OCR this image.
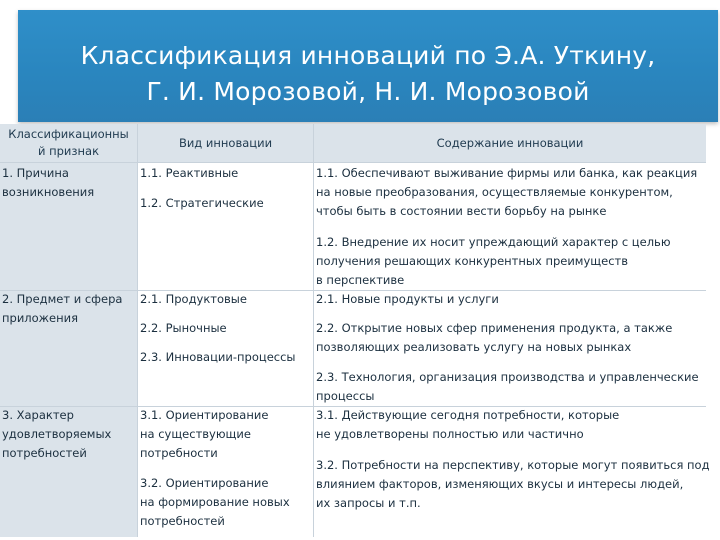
Классификация инноваций по Э.А. Уткину,
Г. И. Морозовой, Н. И. Морозовой
Классификационны
й признак
Вид инновации	Содержание инновации
1. Причина
возникновения
1.1. Реактивные
1.2. Стратегические
1.1. Обеспечивают выживание фирмы или банка, как реакция
на новые преобразования, осуществляемые конкурентом,
чтобы быть в состоянии вести борьбу на рынке
1.2. Внедрение их носит упреждающий характер с целью
получения решающих конкурентных преимуществ
в перспективе
2. Предмет и сфера
приложения
2.1. Продуктовые
2.2. Рыночные
2.3. Инновации-процессы
2.1. Новые продукты и услуги
2.2. Открытие новых сфер применения продукта, а также
позволяющих реализовать услугу на новых рынках
2.3. Технология, организация производства и управленческие
процессы
3. Характер
удовлетворяемых
потребностей
3.1. Ориентирование
на существующие
потребности
3.2. Ориентирование
на формирование новых
потребностей
3.1. Действующие сегодня потребности, которые
не удовлетворены полностью или частично
3.2. Потребности на перспективу, которые могут появиться под
влиянием факторов, изменяющих вкусы и интересы людей,
их запросы и т.п.
